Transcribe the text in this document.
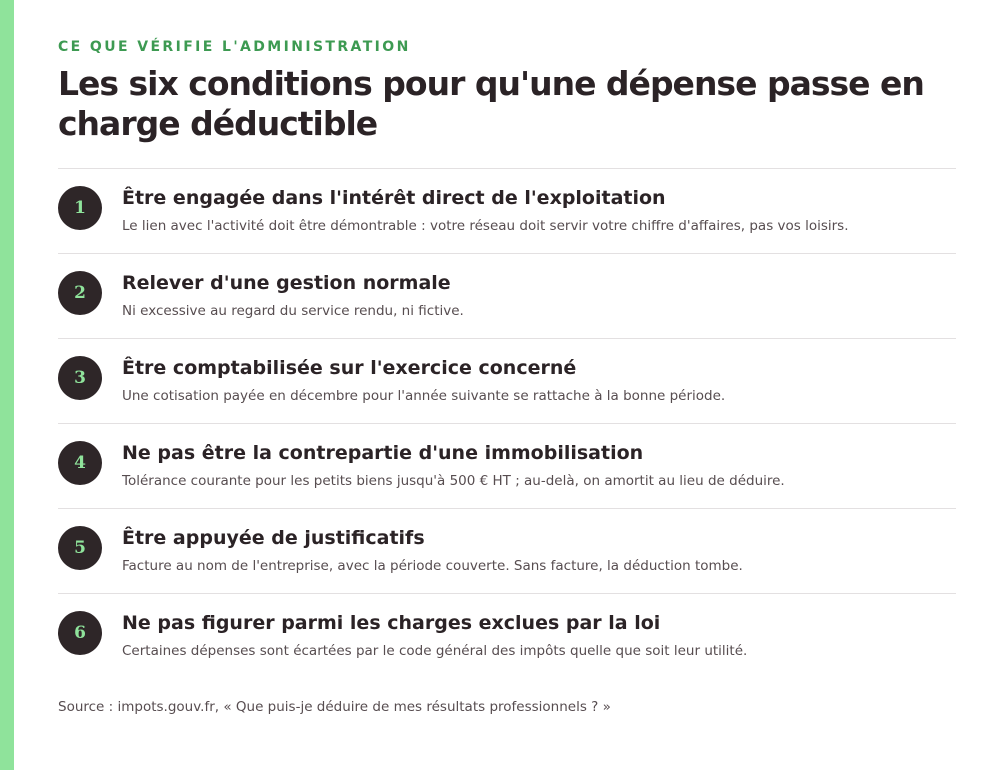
CE QUE VÉRIFIE L'ADMINISTRATION

Les six conditions pour qu'une dépense passe en charge déductible
1	Être engagée dans l'intérêt direct de l'exploitation
Le lien avec l'activité doit être démontrable : votre réseau doit servir votre chiffre d'affaires, pas vos loisirs.
2	Relever d'une gestion normale
Ni excessive au regard du service rendu, ni fictive.
3	Être comptabilisée sur l'exercice concerné
Une cotisation payée en décembre pour l'année suivante se rattache à la bonne période.
4	Ne pas être la contrepartie d'une immobilisation
Tolérance courante pour les petits biens jusqu'à 500 € HT ; au-delà, on amortit au lieu de déduire.
5	Être appuyée de justificatifs
Facture au nom de l'entreprise, avec la période couverte. Sans facture, la déduction tombe.
6	Ne pas figurer parmi les charges exclues par la loi
Certaines dépenses sont écartées par le code général des impôts quelle que soit leur utilité.
Source : impots.gouv.fr, « Que puis-je déduire de mes résultats professionnels ? »
